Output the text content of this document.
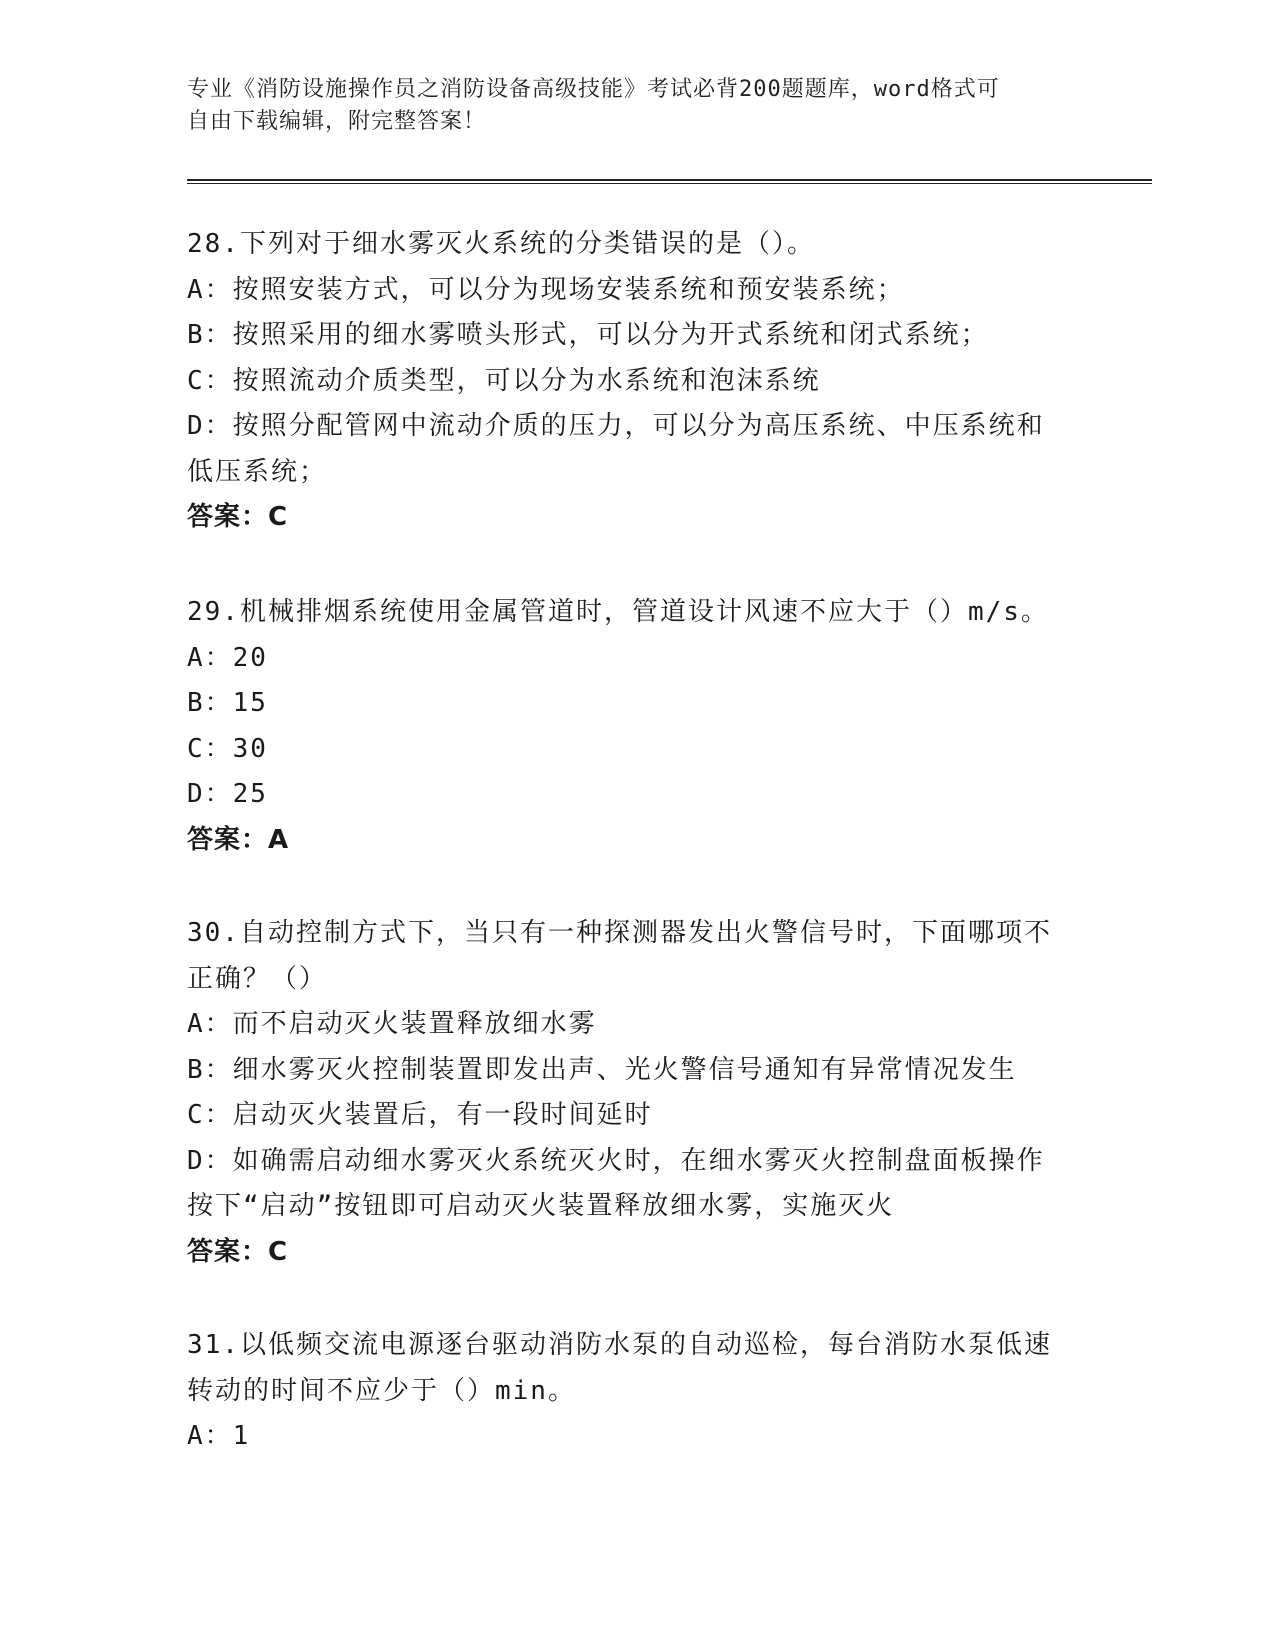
专业《消防设施操作员之消防设备高级技能》考试必背200题题库，word格式可
自由下载编辑，附完整答案！
28.下列对于细水雾灭火系统的分类错误的是（）。
A：按照安装方式，可以分为现场安装系统和预安装系统；
B：按照采用的细水雾喷头形式，可以分为开式系统和闭式系统；
C：按照流动介质类型，可以分为水系统和泡沫系统
D：按照分配管网中流动介质的压力，可以分为高压系统、中压系统和
低压系统；
答案：C
29.机械排烟系统使用金属管道时，管道设计风速不应大于（）m/s。
A：20
B：15
C：30
D：25
答案：A
30.自动控制方式下，当只有一种探测器发出火警信号时，下面哪项不
正确？（）
A：而不启动灭火装置释放细水雾
B：细水雾灭火控制装置即发出声、光火警信号通知有异常情况发生
C：启动灭火装置后，有一段时间延时
D：如确需启动细水雾灭火系统灭火时，在细水雾灭火控制盘面板操作
按下“启动”按钮即可启动灭火装置释放细水雾，实施灭火
答案：C
31.以低频交流电源逐台驱动消防水泵的自动巡检，每台消防水泵低速
转动的时间不应少于（）min。
A：1
